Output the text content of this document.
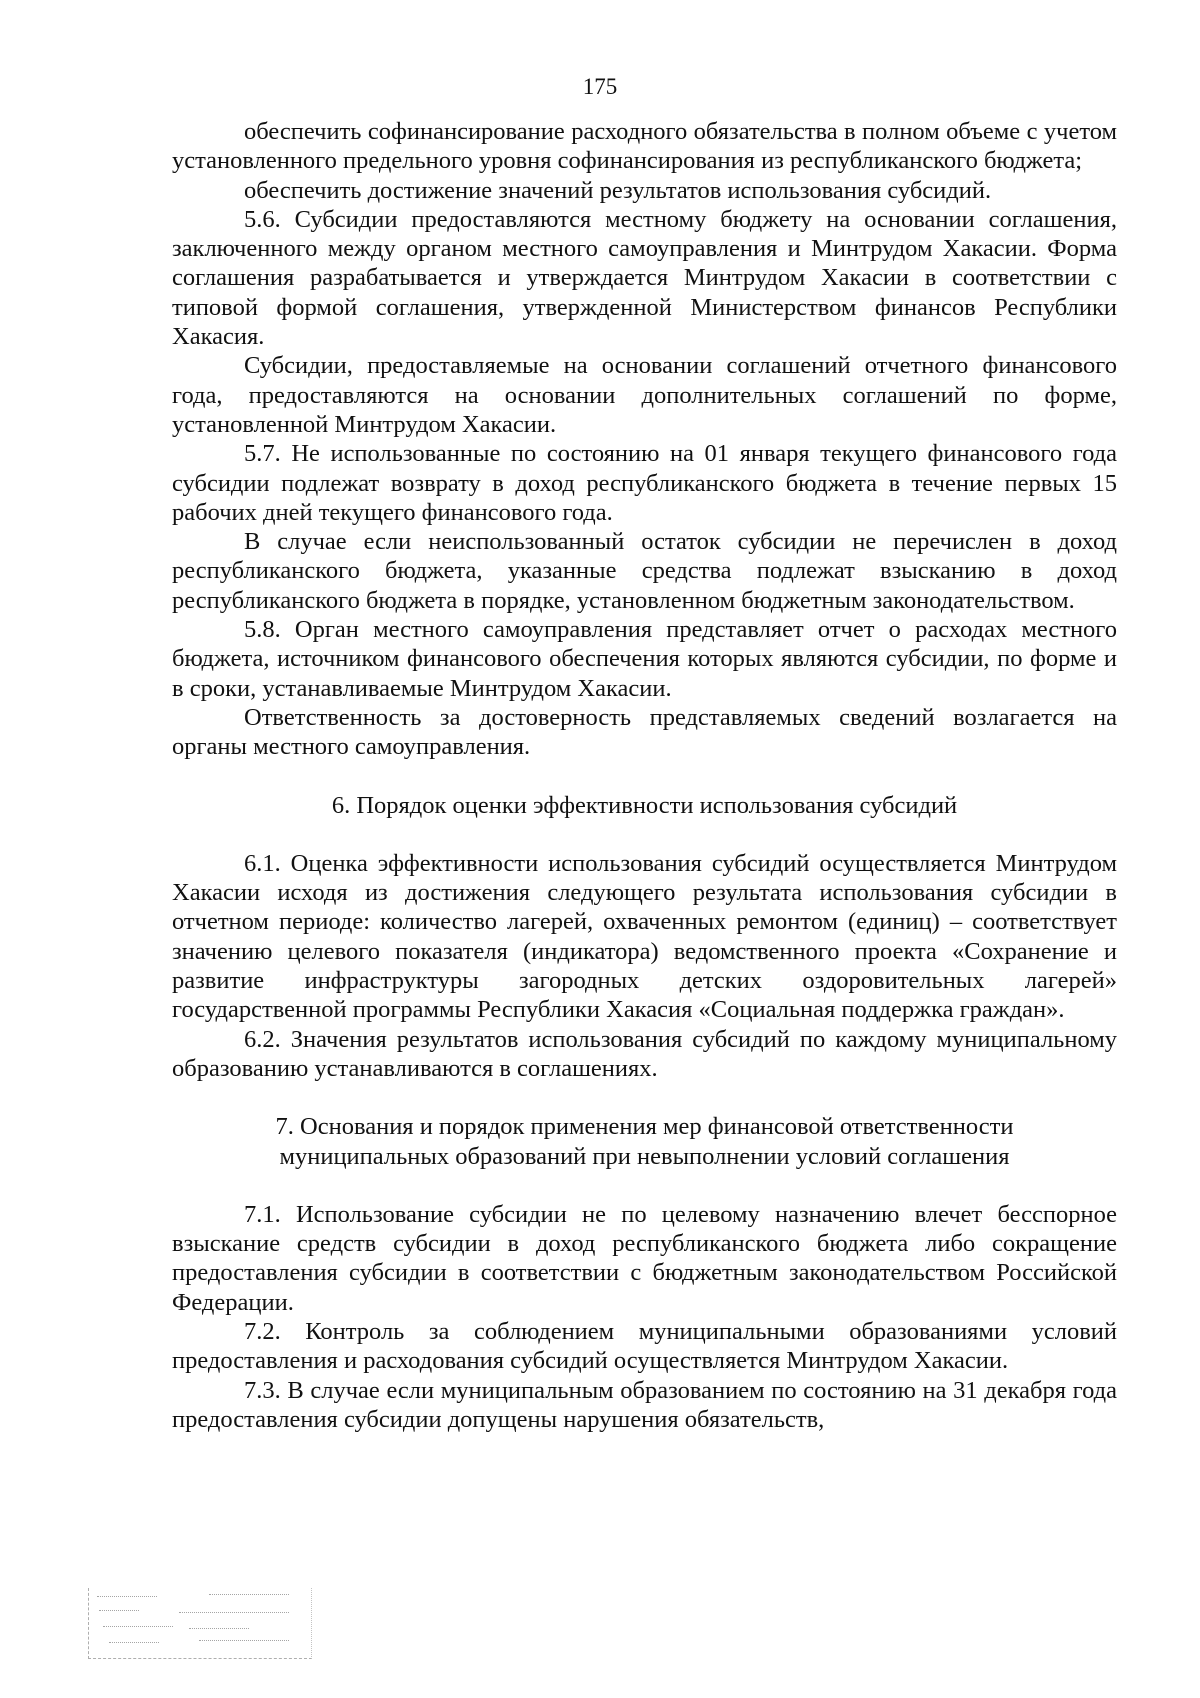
175

обеспечить софинансирование расходного обязательства в полном объеме с учетом установленного предельного уровня софинансирования из республиканского бюджета;

обеспечить достижение значений результатов использования субсидий.

5.6. Субсидии предоставляются местному бюджету на основании соглашения, заключенного между органом местного самоуправления и Минтрудом Хакасии. Форма соглашения разрабатывается и утверждается Минтрудом Хакасии в соответствии с типовой формой соглашения, утвержденной Министерством финансов Республики Хакасия.

Субсидии, предоставляемые на основании соглашений отчетного финансового года, предоставляются на основании дополнительных соглашений по форме, установленной Минтрудом Хакасии.

5.7. Не использованные по состоянию на 01 января текущего финансового года субсидии подлежат возврату в доход республиканского бюджета в течение первых 15 рабочих дней текущего финансового года.

В случае если неиспользованный остаток субсидии не перечислен в доход республиканского бюджета, указанные средства подлежат взысканию в доход республиканского бюджета в порядке, установленном бюджетным законодательством.

5.8. Орган местного самоуправления представляет отчет о расходах местного бюджета, источником финансового обеспечения которых являются субсидии, по форме и в сроки, устанавливаемые Минтрудом Хакасии.

Ответственность за достоверность представляемых сведений возлагается на органы местного самоуправления.

6. Порядок оценки эффективности использования субсидий

6.1. Оценка эффективности использования субсидий осуществляется Минтрудом Хакасии исходя из достижения следующего результата использования субсидии в отчетном периоде: количество лагерей, охваченных ремонтом (единиц) – соответствует значению целевого показателя (индикатора) ведомственного проекта «Сохранение и развитие инфраструктуры загородных детских оздоровительных лагерей» государственной программы Республики Хакасия «Социальная поддержка граждан».

6.2. Значения результатов использования субсидий по каждому муниципальному образованию устанавливаются в соглашениях.

7. Основания и порядок применения мер финансовой ответственности муниципальных образований при невыполнении условий соглашения

7.1. Использование субсидии не по целевому назначению влечет бесспорное взыскание средств субсидии в доход республиканского бюджета либо сокращение предоставления субсидии в соответствии с бюджетным законодательством Российской Федерации.

7.2. Контроль за соблюдением муниципальными образованиями условий предоставления и расходования субсидий осуществляется Минтрудом Хакасии.

7.3. В случае если муниципальным образованием по состоянию на 31 декабря года предоставления субсидии допущены нарушения обязательств,
